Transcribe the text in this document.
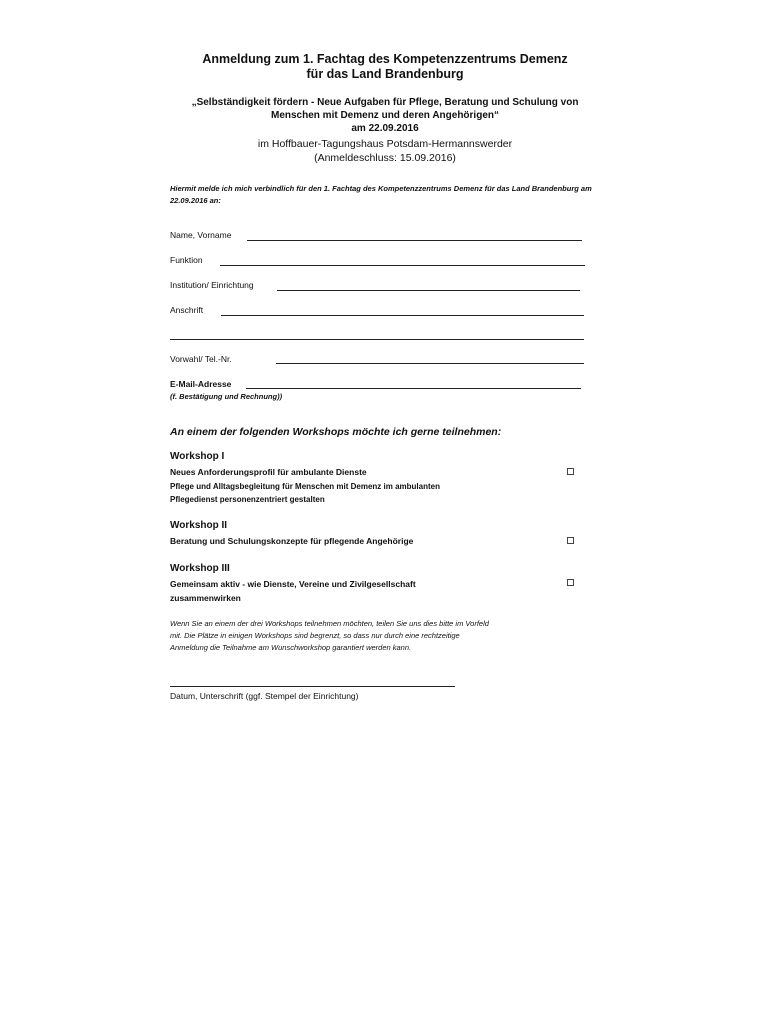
Anmeldung zum 1. Fachtag des Kompetenzzentrums Demenz
für das Land Brandenburg
„Selbständigkeit fördern - Neue Aufgaben für Pflege, Beratung und Schulung von
Menschen mit Demenz und deren Angehörigen“
am 22.09.2016
im Hoffbauer-Tagungshaus Potsdam-Hermannswerder
(Anmeldeschluss: 15.09.2016)
Hiermit melde ich mich verbindlich für den 1. Fachtag des Kompetenzzentrums Demenz für das Land Brandenburg am 22.09.2016 an:
Name, Vorname
Funktion
Institution/ Einrichtung
Anschrift
Vorwahl/ Tel.-Nr.
E-Mail-Adresse
(f. Bestätigung und Rechnung))
An einem der folgenden Workshops möchte ich gerne teilnehmen:
Workshop I
Neues Anforderungsprofil für ambulante Dienste
Pflege und Alltagsbegleitung für Menschen mit Demenz im ambulanten
Pflegedienst personenzentriert gestalten
Workshop II
Beratung und Schulungskonzepte für pflegende Angehörige
Workshop III
Gemeinsam aktiv - wie Dienste, Vereine und Zivilgesellschaft
zusammenwirken
Wenn Sie an einem der drei Workshops teilnehmen möchten, teilen Sie uns dies bitte im Vorfeld
mit. Die Plätze in einigen Workshops sind begrenzt, so dass nur durch eine rechtzeitige
Anmeldung die Teilnahme am Wunschworkshop garantiert werden kann.
Datum, Unterschrift (ggf. Stempel der Einrichtung)
